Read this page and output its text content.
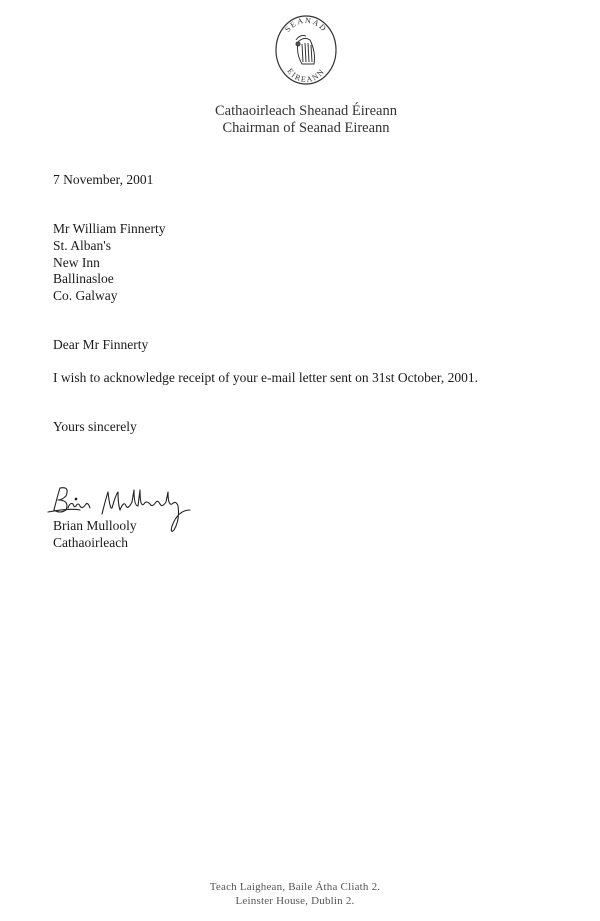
SEANAD
EIREANN
Cathaoirleach Sheanad Éireann
Chairman of Seanad Eireann
7 November, 2001
Mr William Finnerty
St. Alban's
New Inn
Ballinasloe
Co. Galway
Dear Mr Finnerty
I wish to acknowledge receipt of your e-mail letter sent on 31st October, 2001.
Yours sincerely
Brian Mullooly
Cathaoirleach
Teach Laighean, Baile Átha Cliath 2.
Leinster House, Dublin 2.
